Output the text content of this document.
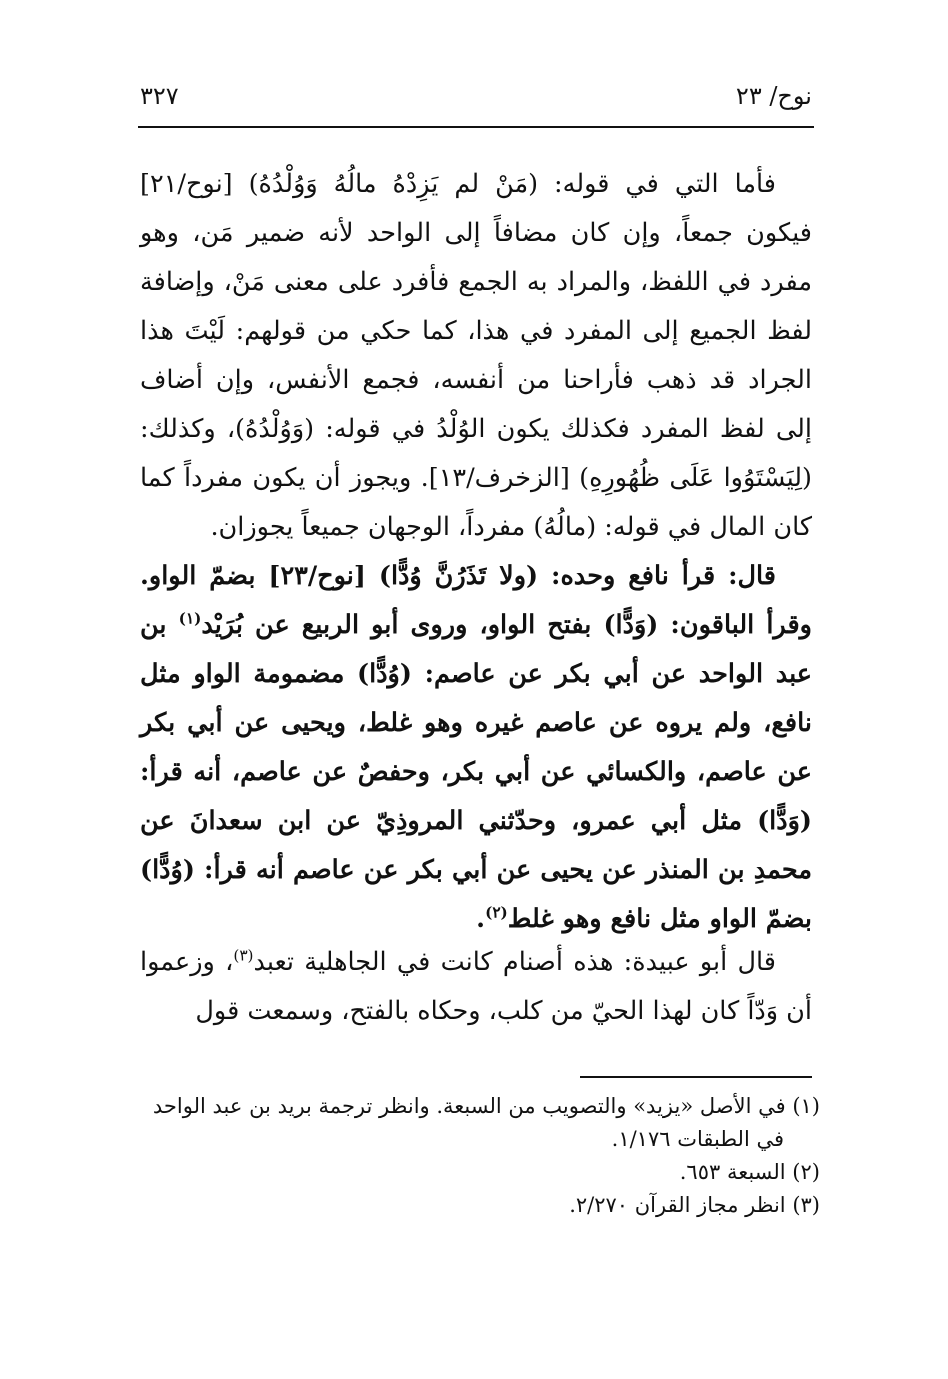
٣٢٧	نوح/ ٢٣

فأما التي في قوله: (مَنْ لم يَزِدْهُ مالُهُ وَوُلْدُهُ) [نوح/٢١] فيكون جمعاً، وإن كان مضافاً إلى الواحد لأنه ضمير مَن، وهو مفرد في اللفظ، والمراد به الجمع فأفرد على معنى مَنْ، وإضافة لفظ الجميع إلى المفرد في هذا، كما حكي من قولهم: لَيْتَ هذا الجراد قد ذهب فأراحنا من أنفسه، فجمع الأنفس، وإن أضاف إلى لفظ المفرد فكذلك يكون الوُلْدُ في قوله: (وَوُلْدُهُ)، وكذلك: (لِيَسْتَوُوا عَلَى ظُهُورِهِ) [الزخرف/١٣]. ويجوز أن يكون مفرداً كما كان المال في قوله: (مالُهُ) مفرداً، الوجهان جميعاً يجوزان.

قال: قرأ نافع وحده: (ولا تَذَرُنَّ وُدًّا) [نوح/٢٣] بضمّ الواو. وقرأ الباقون: (وَدًّا) بفتح الواو، وروى أبو الربيع عن بُرَيْد$^{(١)}$ بن عبد الواحد عن أبي بكر عن عاصم: (وُدًّا) مضمومة الواو مثل نافع، ولم يروه عن عاصم غيره وهو غلط، ويحيى عن أبي بكر عن عاصم، والكسائي عن أبي بكر، وحفصٌ عن عاصم، أنه قرأ: (وَدًّا) مثل أبي عمرو، وحدّثني المروذِيّ عن ابن سعدانَ عن محمدِ بن المنذر عن يحيى عن أبي بكر عن عاصم أنه قرأ: (وُدًّا) بضمّ الواو مثل نافع وهو غلط$^{(٢)}$.

قال أبو عبيدة: هذه أصنام كانت في الجاهلية تعبد$^{(٣)}$، وزعموا أن وَدّاً كان لهذا الحيّ من كلب، وحكاه بالفتح، وسمعت قول

(١) في الأصل «يزيد» والتصويب من السبعة. وانظر ترجمة بريد بن عبد الواحد
في الطبقات ١/١٧٦.
(٢) السبعة ٦٥٣.
(٣) انظر مجاز القرآن ٢/٢٧٠.
